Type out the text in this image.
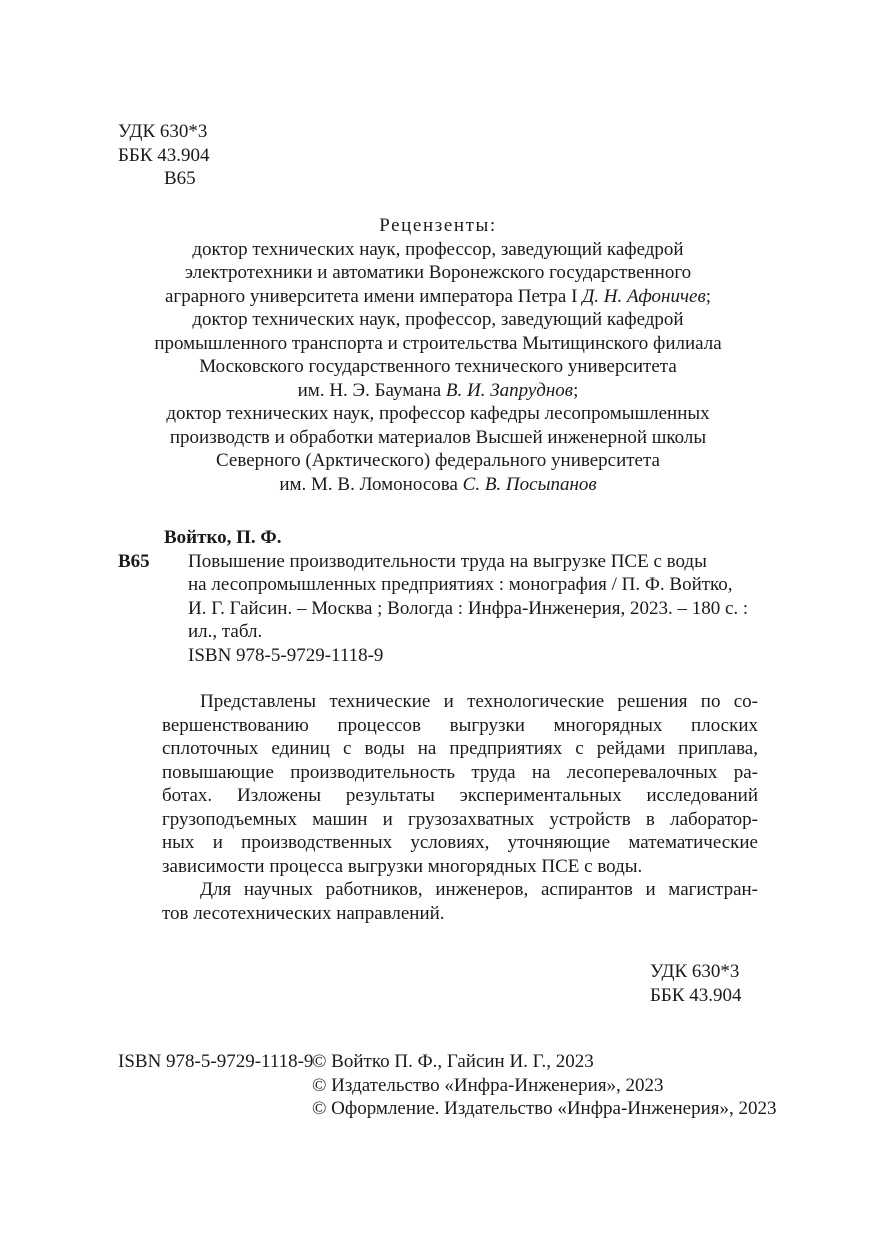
УДК 630*3
ББК 43.904
В65
Рецензенты:
доктор технических наук, профессор, заведующий кафедрой
электротехники и автоматики Воронежского государственного
аграрного университета имени императора Петра I Д. Н. Афоничев;
доктор технических наук, профессор, заведующий кафедрой
промышленного транспорта и строительства Мытищинского филиала
Московского государственного технического университета
им. Н. Э. Баумана В. И. Запруднов;
доктор технических наук, профессор кафедры лесопромышленных
производств и обработки материалов Высшей инженерной школы
Северного (Арктического) федерального университета
им. М. В. Ломоносова С. В. Посыпанов
Войтко, П. Ф.
В65	Повышение производительности труда на выгрузке ПСЕ с воды
на лесопромышленных предприятиях : монография / П. Ф. Войтко,
И. Г. Гайсин. – Москва ; Вологда : Инфра-Инженерия, 2023. – 180 с. :
ил., табл.
ISBN 978-5-9729-1118-9
Представлены технические и технологические решения по со-
вершенствованию процессов выгрузки многорядных плоских
сплоточных единиц с воды на предприятиях с рейдами приплава,
повышающие производительность труда на лесоперевалочных ра-
ботах. Изложены результаты экспериментальных исследований
грузоподъемных машин и грузозахватных устройств в лаборатор-
ных и производственных условиях, уточняющие математические
зависимости процесса выгрузки многорядных ПСЕ с воды.
Для научных работников, инженеров, аспирантов и магистран-
тов лесотехнических направлений.
УДК 630*3
ББК 43.904
ISBN 978-5-9729-1118-9
© Войтко П. Ф., Гайсин И. Г., 2023
© Издательство «Инфра-Инженерия», 2023
© Оформление. Издательство «Инфра-Инженерия», 2023
